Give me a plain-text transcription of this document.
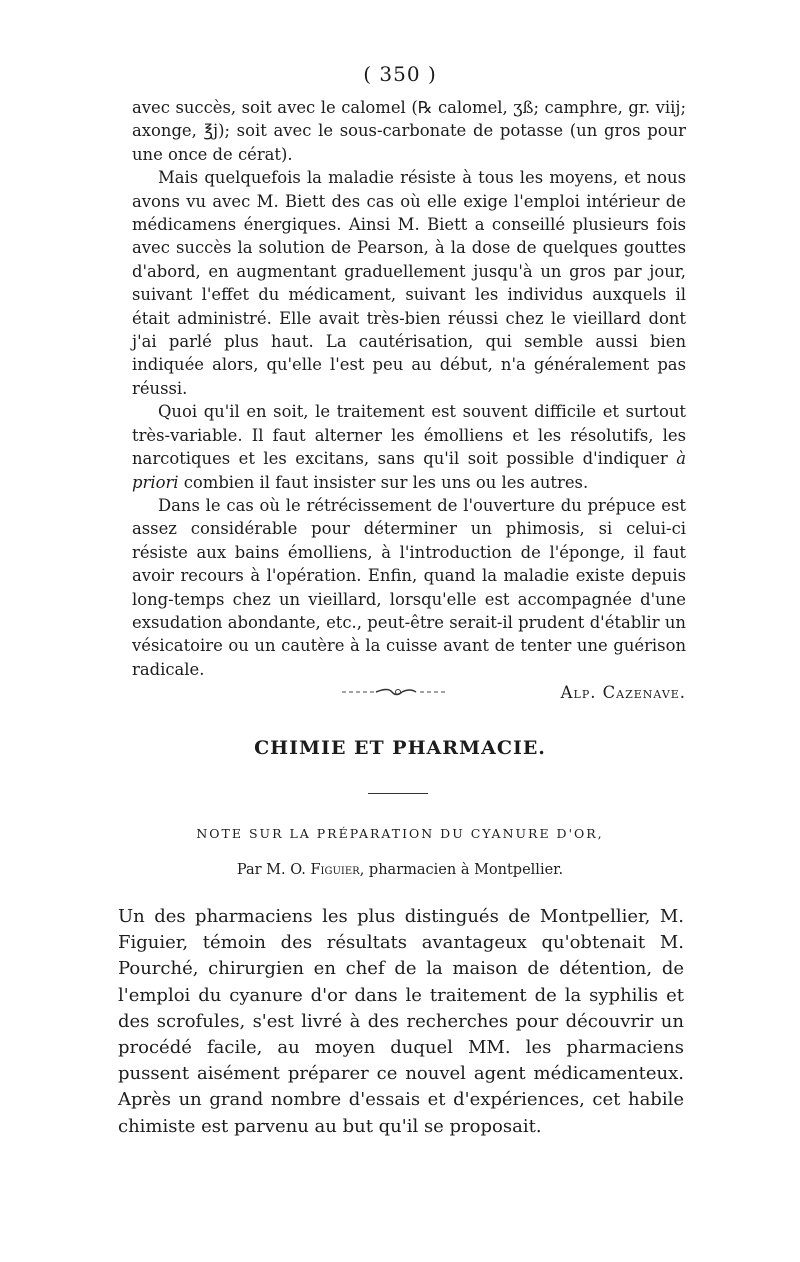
( 350 )

avec succès, soit avec le calomel (℞ calomel, ʒß; camphre, gr. viij; axonge, ℥j); soit avec le sous-carbonate de potasse (un gros pour une once de cérat).

Mais quelquefois la maladie résiste à tous les moyens, et nous avons vu avec M. Biett des cas où elle exige l'emploi intérieur de médicamens énergiques. Ainsi M. Biett a conseillé plusieurs fois avec succès la solution de Pearson, à la dose de quelques gouttes d'abord, en augmentant graduellement jusqu'à un gros par jour, suivant l'effet du médicament, suivant les individus auxquels il était administré. Elle avait très-bien réussi chez le vieillard dont j'ai parlé plus haut. La cautérisation, qui semble aussi bien indiquée alors, qu'elle l'est peu au début, n'a généralement pas réussi.

Quoi qu'il en soit, le traitement est souvent difficile et surtout très-variable. Il faut alterner les émolliens et les résolutifs, les narcotiques et les excitans, sans qu'il soit possible d'indiquer à priori combien il faut insister sur les uns ou les autres.

Dans le cas où le rétrécissement de l'ouverture du prépuce est assez considérable pour déterminer un phimosis, si celui-ci résiste aux bains émolliens, à l'introduction de l'éponge, il faut avoir recours à l'opération. Enfin, quand la maladie existe depuis long-temps chez un vieillard, lorsqu'elle est accompagnée d'une exsudation abondante, etc., peut-être serait-il prudent d'établir un vésicatoire ou un cautère à la cuisse avant de tenter une guérison radicale.

Alp. Cazenave.
CHIMIE ET PHARMACIE.
NOTE SUR LA PRÉPARATION DU CYANURE D'OR,
Par M. O. Figuier, pharmacien à Montpellier.

Un des pharmaciens les plus distingués de Montpellier, M. Figuier, témoin des résultats avantageux qu'obtenait M. Pourché, chirurgien en chef de la maison de détention, de l'emploi du cyanure d'or dans le traitement de la syphilis et des scrofules, s'est livré à des recherches pour découvrir un procédé facile, au moyen duquel MM. les pharmaciens pussent aisément préparer ce nouvel agent médicamenteux. Après un grand nombre d'essais et d'expériences, cet habile chimiste est parvenu au but qu'il se proposait.
